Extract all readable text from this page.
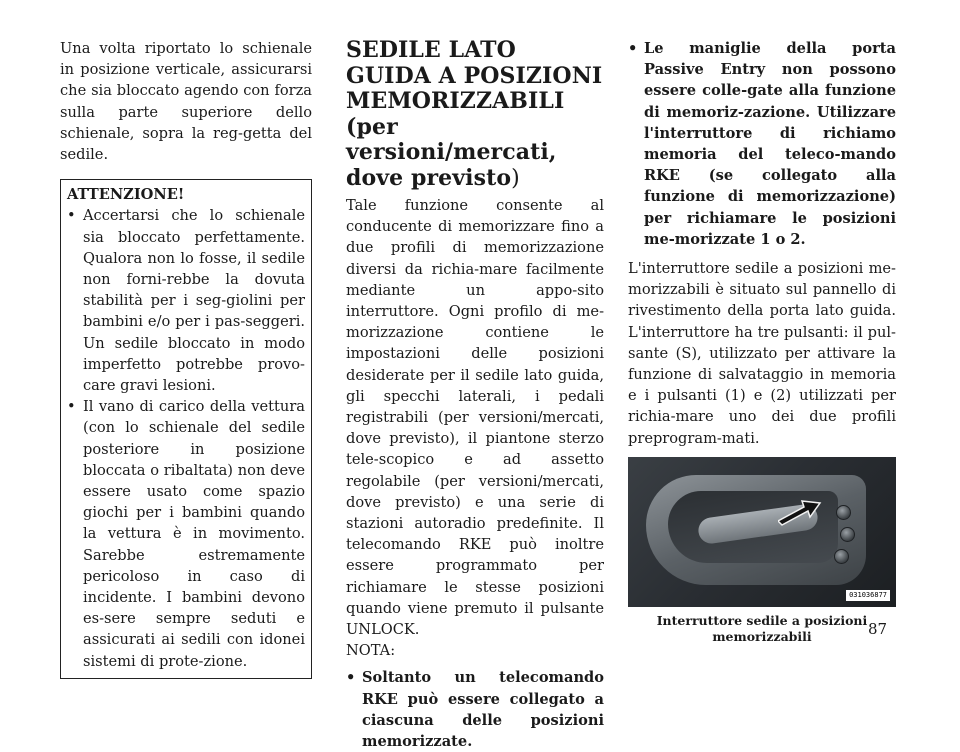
Una volta riportato lo schienale in posizione verticale, assicurarsi che sia bloccato agendo con forza sulla parte superiore dello schienale, sopra la reg-getta del sedile.

ATTENZIONE!
• Accertarsi che lo schienale sia bloccato perfettamente. Qualora non lo fosse, il sedile non forni-rebbe la dovuta stabilità per i seg-giolini per bambini e/o per i pas-seggeri. Un sedile bloccato in modo imperfetto potrebbe provo-care gravi lesioni.
• Il vano di carico della vettura (con lo schienale del sedile posteriore in posizione bloccata o ribaltata) non deve essere usato come spazio giochi per i bambini quando la vettura è in movimento. Sarebbe estremamente pericoloso in caso di incidente. I bambini devono es-sere sempre seduti e assicurati ai sedili con idonei sistemi di prote-zione.
SEDILE LATO GUIDA A POSIZIONI MEMORIZZABILI (per versioni/mercati, dove previsto)

Tale funzione consente al conducente di memorizzare fino a due profili di memorizzazione diversi da richia-mare facilmente mediante un appo-sito interruttore. Ogni profilo di me-morizzazione contiene le impostazioni delle posizioni desiderate per il sedile lato guida, gli specchi laterali, i pedali registrabili (per versioni/mercati, dove previsto), il piantone sterzo tele-scopico e ad assetto regolabile (per versioni/mercati, dove previsto) e una serie di stazioni autoradio predefinite. Il telecomando RKE può inoltre essere programmato per richiamare le stesse posizioni quando viene premuto il pulsante UNLOCK.

NOTA:

• Soltanto un telecomando RKE può essere collegato a ciascuna delle posizioni memorizzate.
• Le maniglie della porta Passive Entry non possono essere colle-gate alla funzione di memoriz-zazione. Utilizzare l'interruttore di richiamo memoria del teleco-mando RKE (se collegato alla funzione di memorizzazione) per richiamare le posizioni me-morizzate 1 o 2.

L'interruttore sedile a posizioni me-morizzabili è situato sul pannello di rivestimento della porta lato guida. L'interruttore ha tre pulsanti: il pul-sante (S), utilizzato per attivare la funzione di salvataggio in memoria e i pulsanti (1) e (2) utilizzati per richia-mare uno dei due profili preprogram-mati.

031036877
Interruttore sedile a posizioni memorizzabili	87
